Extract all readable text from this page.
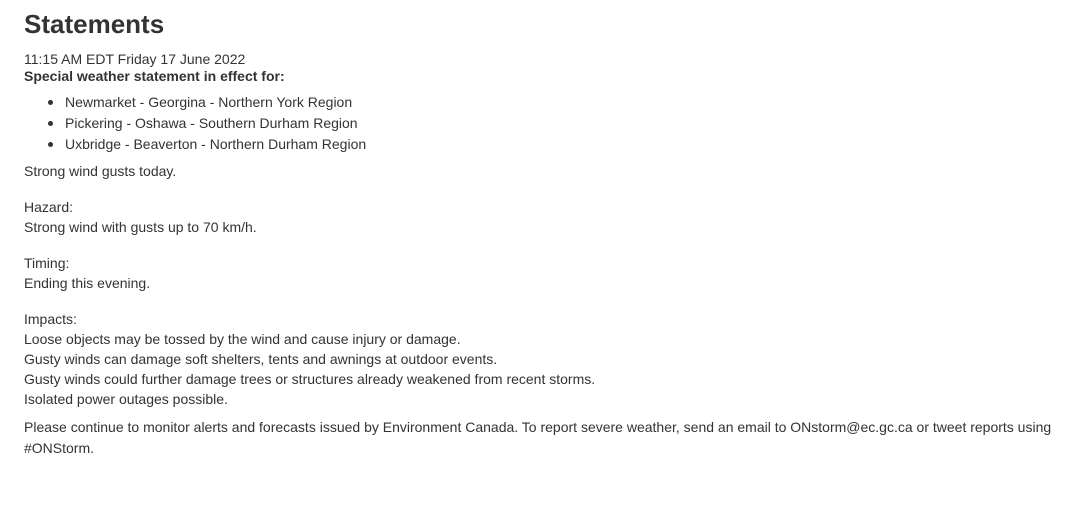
Statements
11:15 AM EDT Friday 17 June 2022
Special weather statement in effect for:
Newmarket - Georgina - Northern York Region
Pickering - Oshawa - Southern Durham Region
Uxbridge - Beaverton - Northern Durham Region
Strong wind gusts today.
Hazard:
Strong wind with gusts up to 70 km/h.
Timing:
Ending this evening.
Impacts:
Loose objects may be tossed by the wind and cause injury or damage.
Gusty winds can damage soft shelters, tents and awnings at outdoor events.
Gusty winds could further damage trees or structures already weakened from recent storms.
Isolated power outages possible.
Please continue to monitor alerts and forecasts issued by Environment Canada. To report severe weather, send an email to ONstorm@ec.gc.ca or tweet reports using #ONStorm.
